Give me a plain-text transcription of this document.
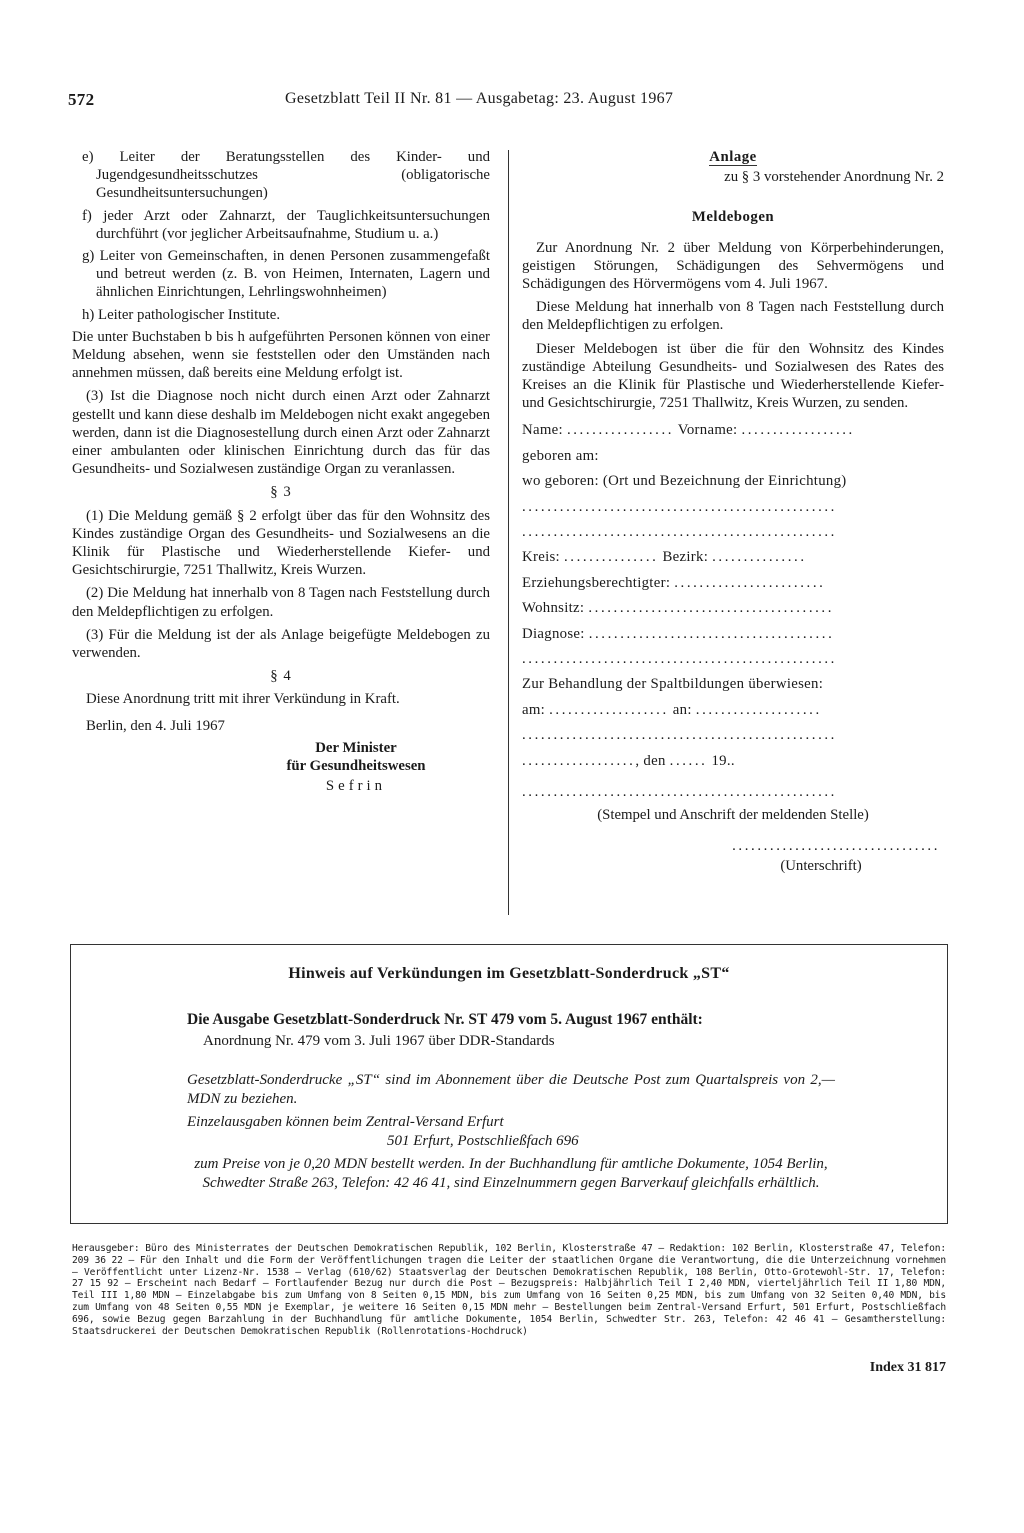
572	Gesetzblatt Teil II Nr. 81 — Ausgabetag: 23. August 1967

e) Leiter der Beratungsstellen des Kinder- und Jugendgesundheitsschutzes (obligatorische Gesundheitsuntersuchungen)

f) jeder Arzt oder Zahnarzt, der Tauglichkeitsuntersuchungen durchführt (vor jeglicher Arbeitsaufnahme, Studium u. a.)

g) Leiter von Gemeinschaften, in denen Personen zusammengefaßt und betreut werden (z. B. von Heimen, Internaten, Lagern und ähnlichen Einrichtungen, Lehrlingswohnheimen)

h) Leiter pathologischer Institute.

Die unter Buchstaben b bis h aufgeführten Personen können von einer Meldung absehen, wenn sie feststellen oder den Umständen nach annehmen müssen, daß bereits eine Meldung erfolgt ist.

(3) Ist die Diagnose noch nicht durch einen Arzt oder Zahnarzt gestellt und kann diese deshalb im Meldebogen nicht exakt angegeben werden, dann ist die Diagnosestellung durch einen Arzt oder Zahnarzt einer ambulanten oder klinischen Einrichtung durch das für das Gesundheits- und Sozialwesen zuständige Organ zu veranlassen.

§ 3

(1) Die Meldung gemäß § 2 erfolgt über das für den Wohnsitz des Kindes zuständige Organ des Gesundheits- und Sozialwesens an die Klinik für Plastische und Wiederherstellende Kiefer- und Gesichtschirurgie, 7251 Thallwitz, Kreis Wurzen.

(2) Die Meldung hat innerhalb von 8 Tagen nach Feststellung durch den Meldepflichtigen zu erfolgen.

(3) Für die Meldung ist der als Anlage beigefügte Meldebogen zu verwenden.

§ 4

Diese Anordnung tritt mit ihrer Verkündung in Kraft.

Berlin, den 4. Juli 1967

Der Minister

für Gesundheitswesen

Sefrin

Anlage

zu § 3 vorstehender Anordnung Nr. 2

Meldebogen

Zur Anordnung Nr. 2 über Meldung von Körperbehinderungen, geistigen Störungen, Schädigungen des Sehvermögens und Schädigungen des Hörvermögens vom 4. Juli 1967.

Diese Meldung hat innerhalb von 8 Tagen nach Feststellung durch den Meldepflichtigen zu erfolgen.

Dieser Meldebogen ist über die für den Wohnsitz des Kindes zuständige Abteilung Gesundheits- und Sozialwesen des Rates des Kreises an die Klinik für Plastische und Wiederherstellende Kiefer- und Gesichtschirurgie, 7251 Thallwitz, Kreis Wurzen, zu senden.

Name: ................. Vorname: ..................

geboren am:

wo geboren: (Ort und Bezeichnung der Einrichtung)

..................................................

..................................................

Kreis: ............... Bezirk: ...............

Erziehungsberechtigter: ........................

Wohnsitz: .......................................

Diagnose: .......................................

..................................................

Zur Behandlung der Spaltbildungen überwiesen:

am: ................... an: ....................

..................................................

.................., den ...... 19..

..................................................

(Stempel und Anschrift der meldenden Stelle)

.................................

(Unterschrift)

Hinweis auf Verkündungen im Gesetzblatt-Sonderdruck „ST“
Die Ausgabe Gesetzblatt-Sonderdruck Nr. ST 479 vom 5. August 1967 enthält:
Anordnung Nr. 479 vom 3. Juli 1967 über DDR-Standards
Gesetzblatt-Sonderdrucke „ST“ sind im Abonnement über die Deutsche Post zum Quartalspreis von 2,— MDN zu beziehen.
Einzelausgaben können beim Zentral-Versand Erfurt
501 Erfurt, Postschließfach 696
zum Preise von je 0,20 MDN bestellt werden. In der Buchhandlung für amtliche Dokumente, 1054 Berlin, Schwedter Straße 263, Telefon: 42 46 41, sind Einzelnummern gegen Barverkauf gleichfalls erhältlich.
Herausgeber: Büro des Ministerrates der Deutschen Demokratischen Republik, 102 Berlin, Klosterstraße 47 — Redaktion: 102 Berlin, Klosterstraße 47, Telefon: 209 36 22 — Für den Inhalt und die Form der Veröffentlichungen tragen die Leiter der staatlichen Organe die Verantwortung, die die Unterzeichnung vornehmen — Veröffentlicht unter Lizenz-Nr. 1538 — Verlag (610/62) Staatsverlag der Deutschen Demokratischen Republik, 108 Berlin, Otto-Grotewohl-Str. 17, Telefon: 27 15 92 — Erscheint nach Bedarf — Fortlaufender Bezug nur durch die Post — Bezugspreis: Halbjährlich Teil I 2,40 MDN, vierteljährlich Teil II 1,80 MDN, Teil III 1,80 MDN — Einzelabgabe bis zum Umfang von 8 Seiten 0,15 MDN, bis zum Umfang von 16 Seiten 0,25 MDN, bis zum Umfang von 32 Seiten 0,40 MDN, bis zum Umfang von 48 Seiten 0,55 MDN je Exemplar, je weitere 16 Seiten 0,15 MDN mehr — Bestellungen beim Zentral-Versand Erfurt, 501 Erfurt, Postschließfach 696, sowie Bezug gegen Barzahlung in der Buchhandlung für amtliche Dokumente, 1054 Berlin, Schwedter Str. 263, Telefon: 42 46 41 — Gesamtherstellung: Staatsdruckerei der Deutschen Demokratischen Republik (Rollenrotations-Hochdruck)
Index 31 817
